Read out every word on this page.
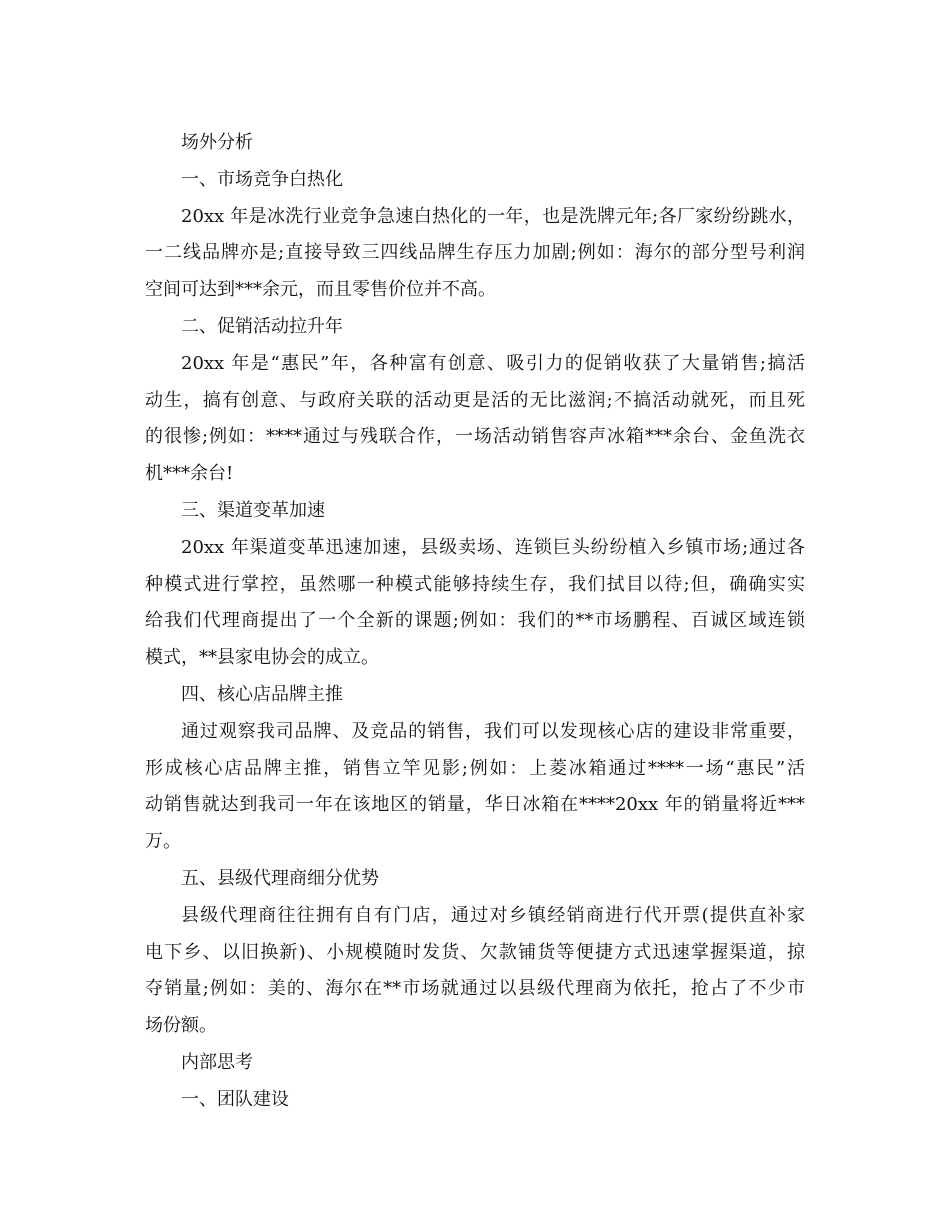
场外分析

一、市场竞争白热化

20xx 年是冰洗行业竞争急速白热化的一年，也是洗牌元年;各厂家纷纷跳水，

一二线品牌亦是;直接导致三四线品牌生存压力加剧;例如：海尔的部分型号利润

空间可达到***余元，而且零售价位并不高。

二、促销活动拉升年

20xx 年是“惠民”年，各种富有创意、吸引力的促销收获了大量销售;搞活

动生，搞有创意、与政府关联的活动更是活的无比滋润;不搞活动就死，而且死

的很惨;例如：****通过与残联合作，一场活动销售容声冰箱***余台、金鱼洗衣

机***余台!

三、渠道变革加速

20xx 年渠道变革迅速加速，县级卖场、连锁巨头纷纷植入乡镇市场;通过各

种模式进行掌控，虽然哪一种模式能够持续生存，我们拭目以待;但，确确实实

给我们代理商提出了一个全新的课题;例如：我们的**市场鹏程、百诚区域连锁

模式，**县家电协会的成立。

四、核心店品牌主推

通过观察我司品牌、及竞品的销售，我们可以发现核心店的建设非常重要，

形成核心店品牌主推，销售立竿见影;例如：上菱冰箱通过****一场“惠民”活

动销售就达到我司一年在该地区的销量，华日冰箱在****20xx 年的销量将近***

万。

五、县级代理商细分优势

县级代理商往往拥有自有门店，通过对乡镇经销商进行代开票(提供直补家

电下乡、以旧换新)、小规模随时发货、欠款铺货等便捷方式迅速掌握渠道，掠

夺销量;例如：美的、海尔在**市场就通过以县级代理商为依托，抢占了不少市

场份额。

内部思考

一、团队建设
